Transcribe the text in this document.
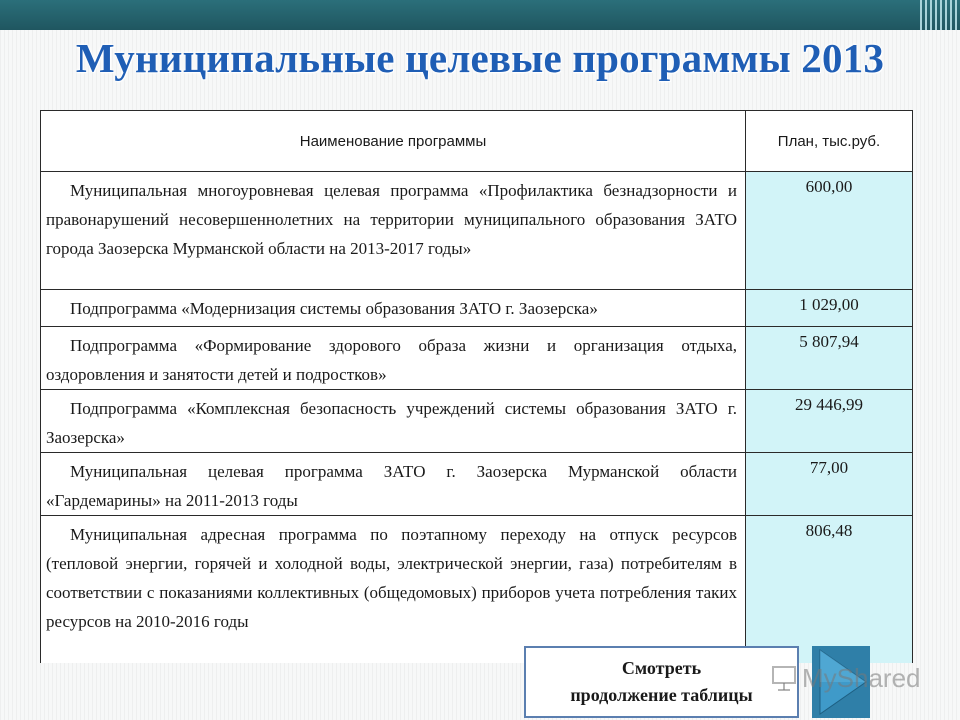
Муниципальные целевые программы 2013
Наименование программы	План, тыс.руб.
Муниципальная многоуровневая целевая программа «Профилактика безнадзорности и правонарушений несовершеннолетних на территории муниципального образования ЗАТО города Заозерска Мурманской области на 2013-2017 годы»	600,00
Подпрограмма «Модернизация системы образования ЗАТО г. Заозерска»	1 029,00
Подпрограмма «Формирование здорового образа жизни и организация отдыха, оздоровления и занятости детей и подростков»	5 807,94
Подпрограмма «Комплексная безопасность учреждений системы образования ЗАТО г. Заозерска»	29 446,99
Муниципальная целевая программа ЗАТО г. Заозерска Мурманской области «Гардемарины» на 2011-2013 годы	77,00
Муниципальная адресная программа по поэтапному переходу на отпуск ресурсов (тепловой энергии, горячей и холодной воды, электрической энергии, газа) потребителям в соответствии с показаниями коллективных (общедомовых) приборов учета потребления таких ресурсов на 2010-2016 годы	806,48
Смотреть
продолжение таблицы
MyShared
